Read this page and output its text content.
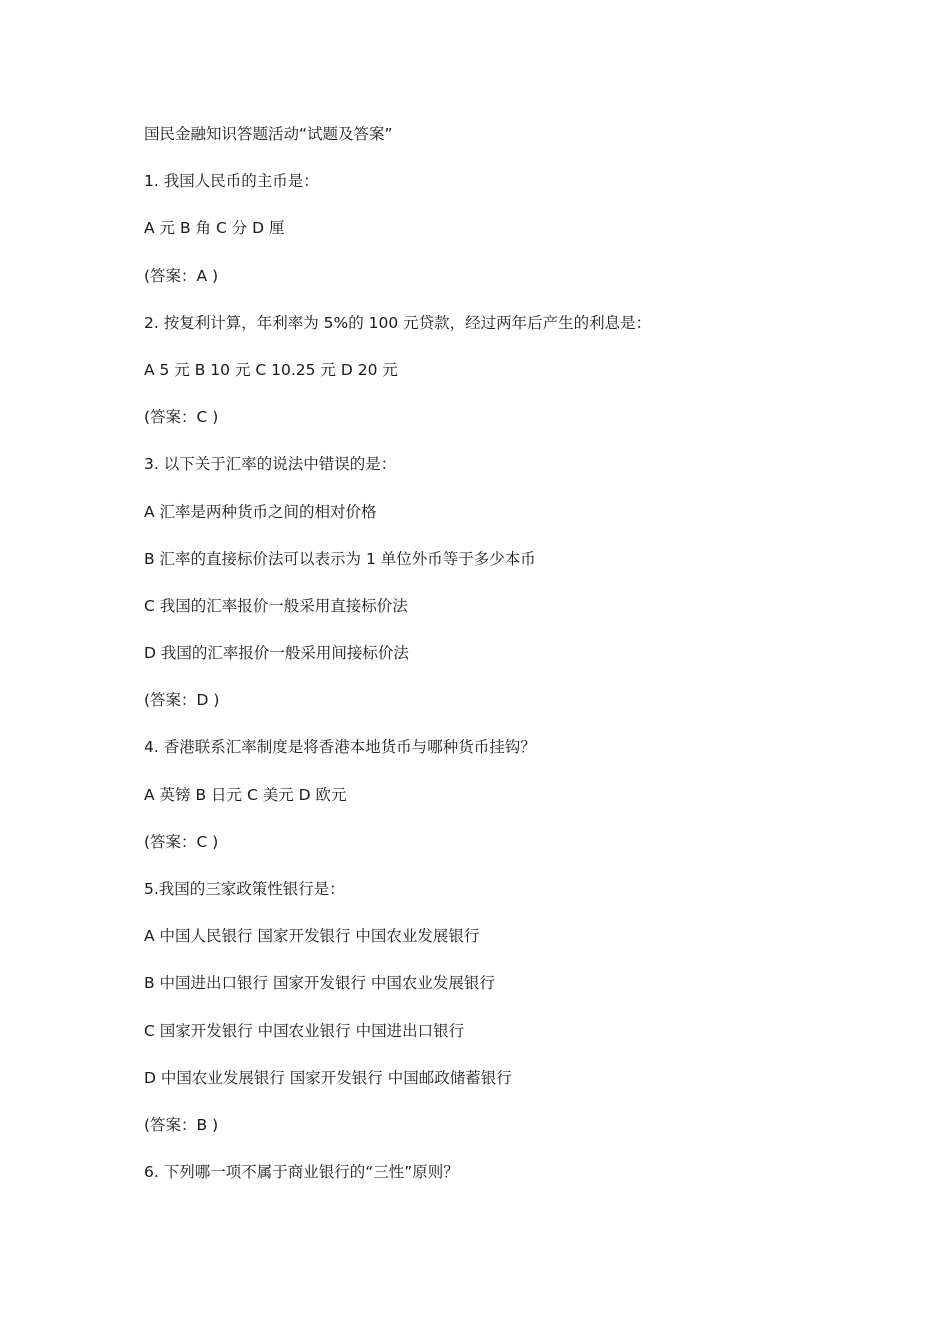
国民金融知识答题活动“试题及答案”
1. 我国人民币的主币是：
A 元 B 角 C 分 D 厘
(答案：A )
2. 按复利计算，年利率为 5%的 100 元贷款，经过两年后产生的利息是：
A 5 元 B 10 元 C 10.25 元 D 20 元
(答案：C )
3. 以下关于汇率的说法中错误的是：
A 汇率是两种货币之间的相对价格
B 汇率的直接标价法可以表示为 1 单位外币等于多少本币
C 我国的汇率报价一般采用直接标价法
D 我国的汇率报价一般采用间接标价法
(答案：D )
4. 香港联系汇率制度是将香港本地货币与哪种货币挂钩？
A 英镑 B 日元 C 美元 D 欧元
(答案：C )
5.我国的三家政策性银行是：
A 中国人民银行 国家开发银行 中国农业发展银行
B 中国进出口银行 国家开发银行 中国农业发展银行
C 国家开发银行 中国农业银行 中国进出口银行
D 中国农业发展银行 国家开发银行 中国邮政储蓄银行
(答案：B )
6. 下列哪一项不属于商业银行的“三性”原则？
